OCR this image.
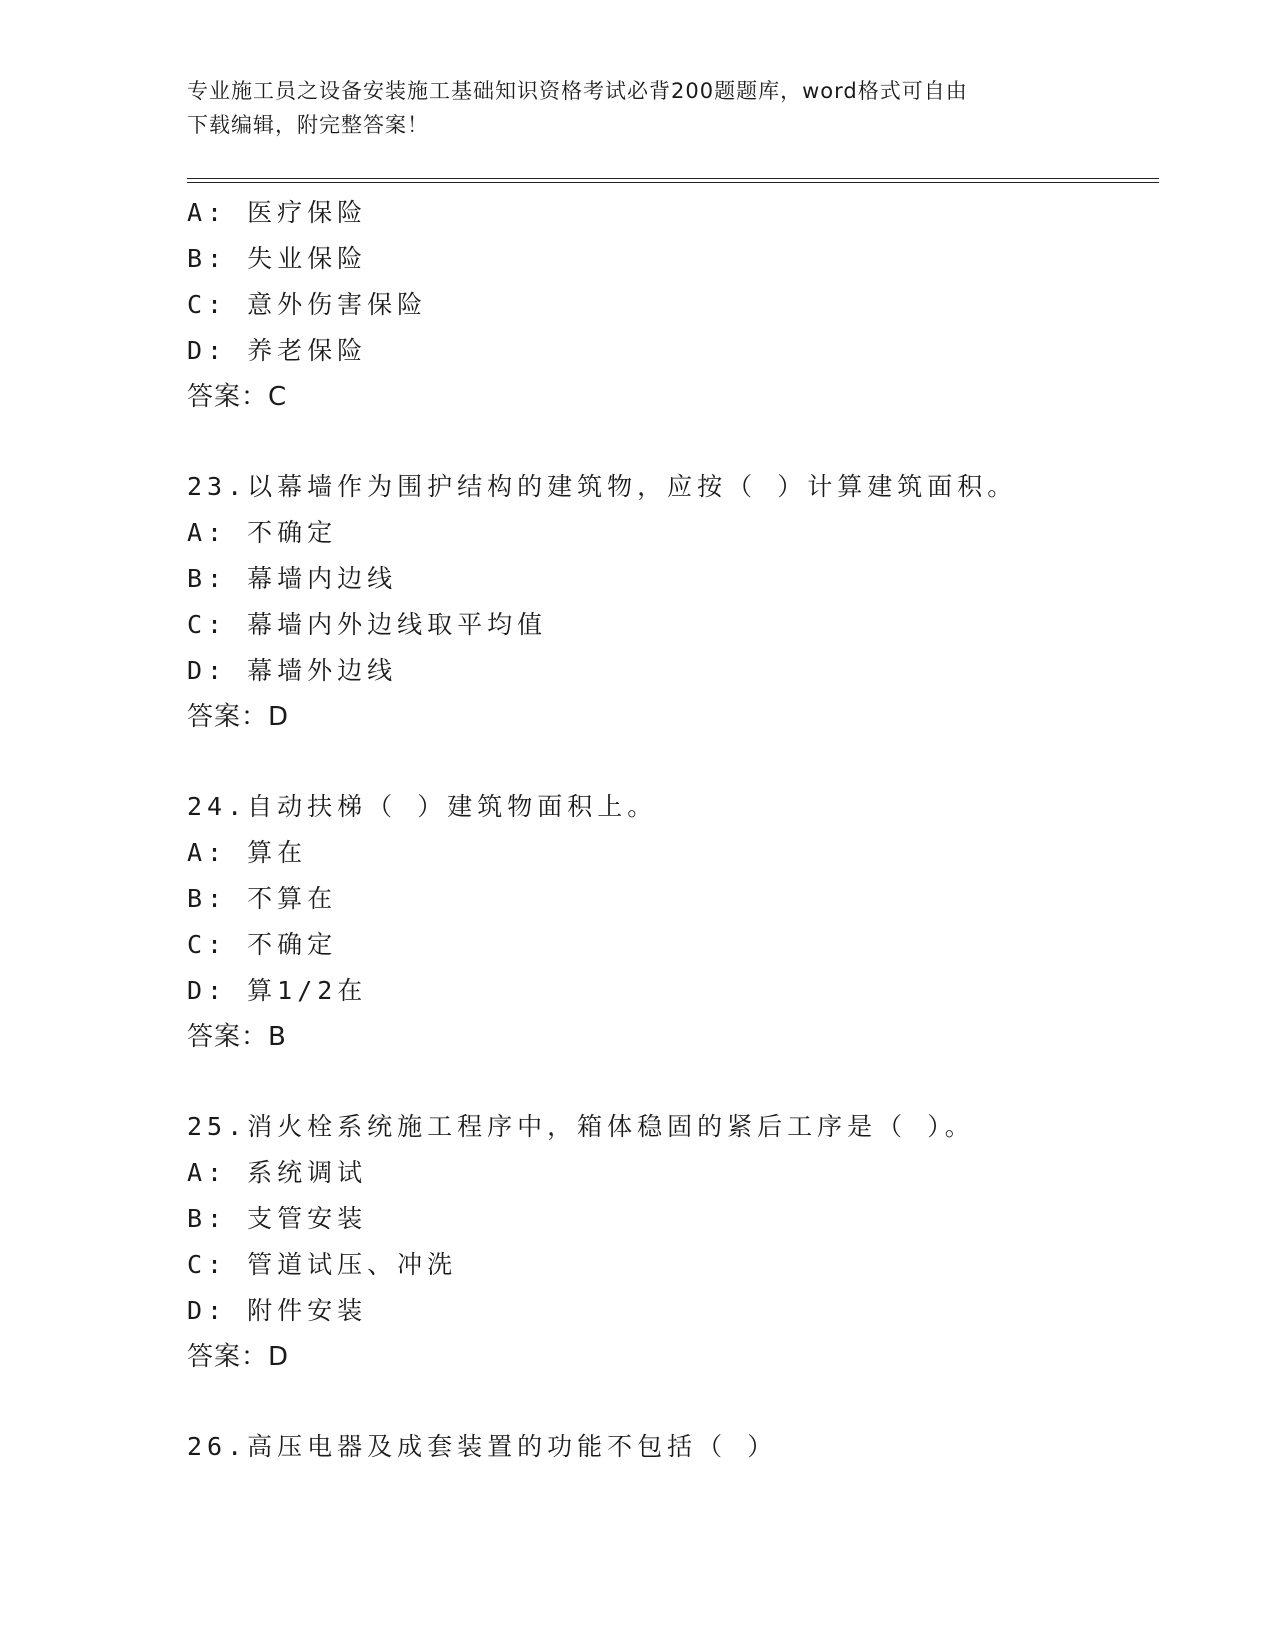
专业施工员之设备安装施工基础知识资格考试必背200题题库，word格式可自由
下载编辑，附完整答案！
A: 医疗保险
B: 失业保险
C: 意外伤害保险
D: 养老保险
答案：C
23.以幕墙作为围护结构的建筑物，应按（ ）计算建筑面积。
A: 不确定
B: 幕墙内边线
C: 幕墙内外边线取平均值
D: 幕墙外边线
答案：D
24.自动扶梯（ ）建筑物面积上。
A: 算在
B: 不算在
C: 不确定
D: 算1/2在
答案：B
25.消火栓系统施工程序中，箱体稳固的紧后工序是（ ）。
A: 系统调试
B: 支管安装
C: 管道试压、冲洗
D: 附件安装
答案：D
26.高压电器及成套装置的功能不包括（ ）
